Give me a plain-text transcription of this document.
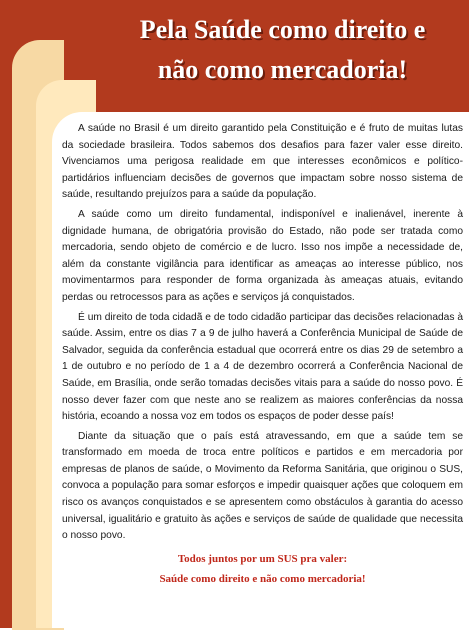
Pela Saúde como direito e
não como mercadoria!

A saúde no Brasil é um direito garantido pela Constituição e é fruto de muitas lutas da sociedade brasileira. Todos sabemos dos desafios para fazer valer esse direito. Vivenciamos uma perigosa realidade em que interesses econômicos e político-partidários influenciam decisões de governos que impactam sobre nosso sistema de saúde, resultando prejuízos para a saúde da população.

A saúde como um direito fundamental, indisponível e inalienável, inerente à dignidade humana, de obrigatória provisão do Estado, não pode ser tratada como mercadoria, sendo objeto de comércio e de lucro. Isso nos impõe a necessidade de, além da constante vigilância para identificar as ameaças ao interesse público, nos movimentarmos para responder de forma organizada às ameaças atuais, evitando perdas ou retrocessos para as ações e serviços já conquistados.

É um direito de toda cidadã e de todo cidadão participar das decisões relacionadas à saúde. Assim, entre os dias 7 a 9 de julho haverá a Conferência Municipal de Saúde de Salvador, seguida da conferência estadual que ocorrerá entre os dias 29 de setembro a 1 de outubro e no período de 1 a 4 de dezembro ocorrerá a Conferência Nacional de Saúde, em Brasília, onde serão tomadas decisões vitais para a saúde do nosso povo. É nosso dever fazer com que neste ano se realizem as maiores conferências da nossa história, ecoando a nossa voz em todos os espaços de poder desse país!

Diante da situação que o país está atravessando, em que a saúde tem se transformado em moeda de troca entre políticos e partidos e em mercadoria por empresas de planos de saúde, o Movimento da Reforma Sanitária, que originou o SUS, convoca a população para somar esforços e impedir quaisquer ações que coloquem em risco os avanços conquistados e se apresentem como obstáculos à garantia do acesso universal, igualitário e gratuito às ações e serviços de saúde de qualidade que necessita o nosso povo.

Todos juntos por um SUS pra valer:
Saúde como direito e não como mercadoria!
